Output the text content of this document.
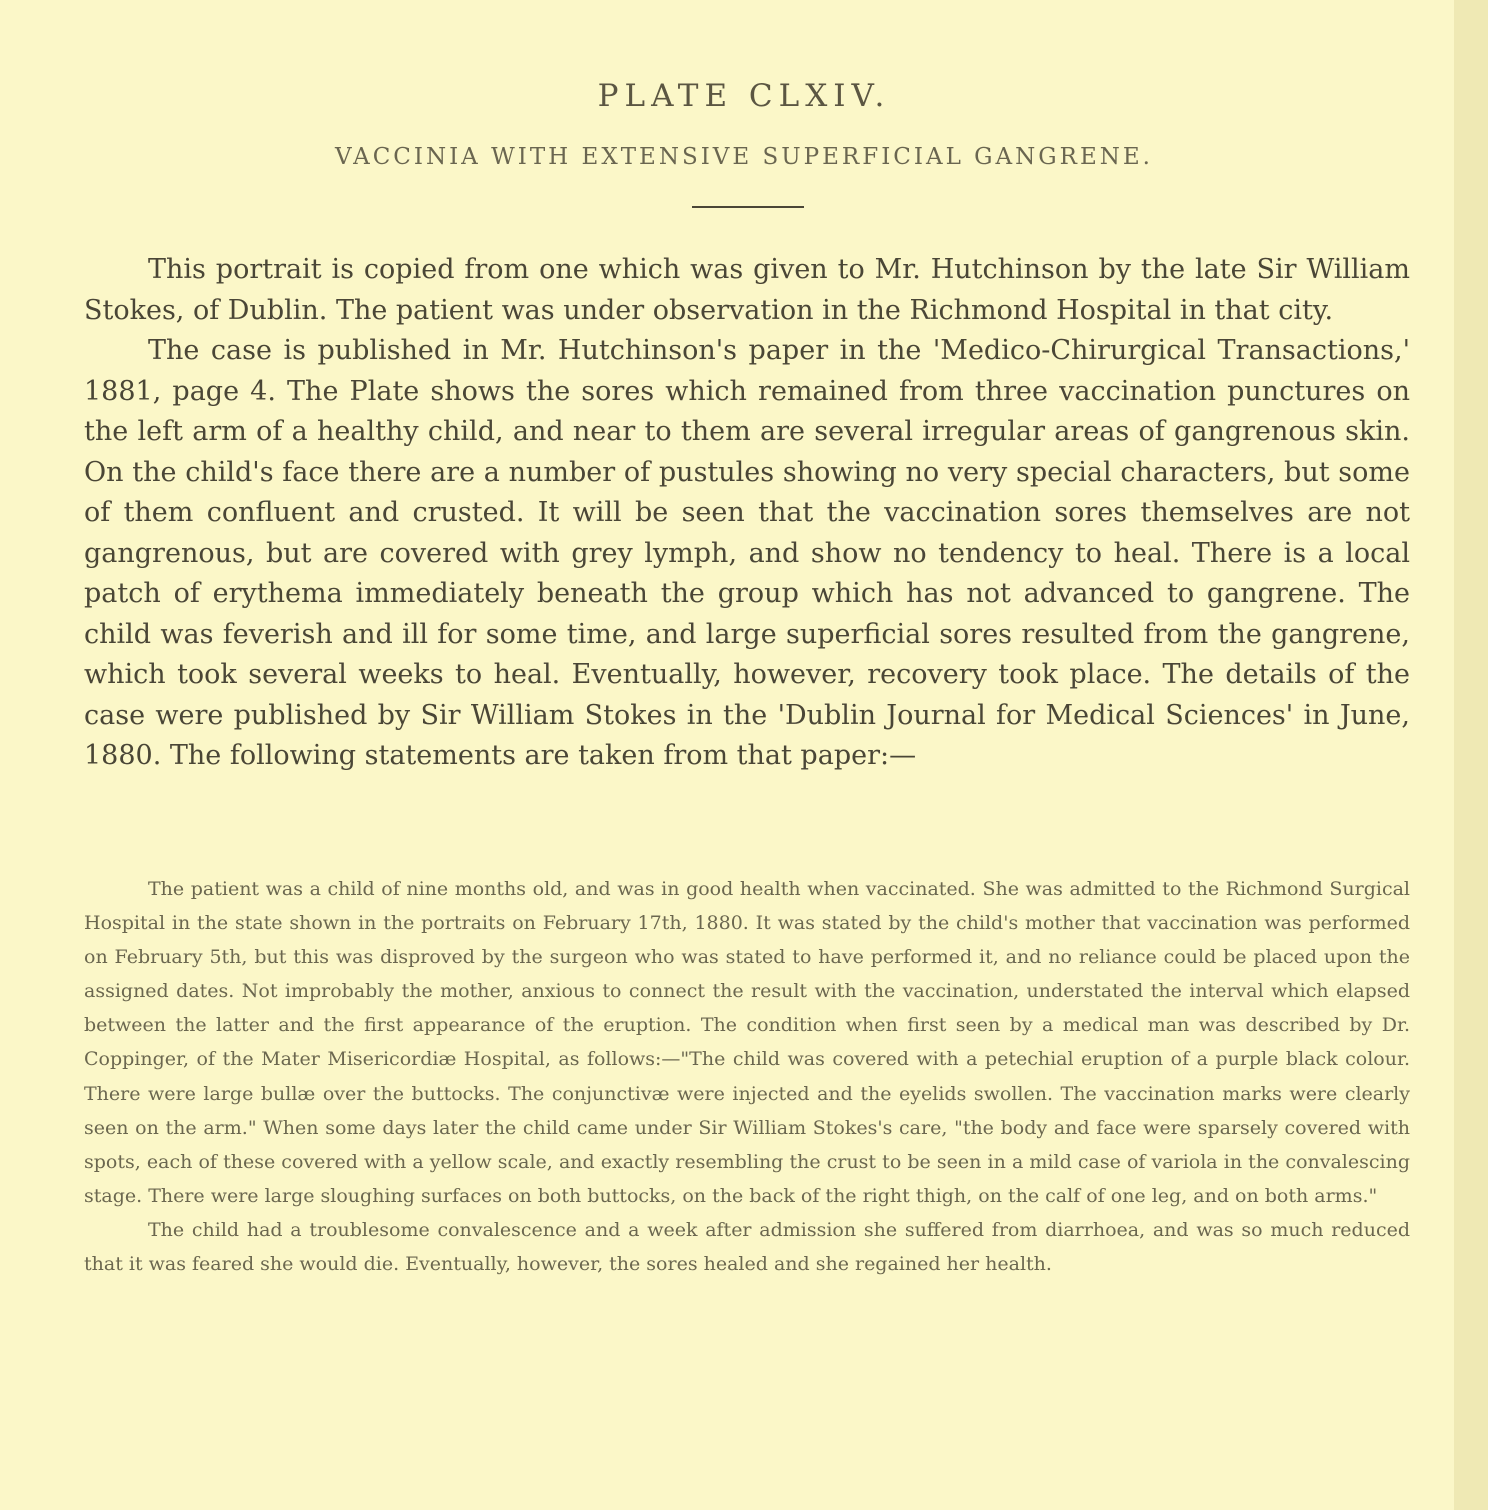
PLATE CLXIV.
VACCINIA WITH EXTENSIVE SUPERFICIAL GANGRENE.

This portrait is copied from one which was given to Mr. Hutchinson by the late Sir William Stokes, of Dublin. The patient was under observation in the Richmond Hospital in that city.

The case is published in Mr. Hutchinson's paper in the 'Medico-Chirurgical Transactions,' 1881, page 4. The Plate shows the sores which remained from three vaccination punctures on the left arm of a healthy child, and near to them are several irregular areas of gangrenous skin. On the child's face there are a number of pustules showing no very special characters, but some of them confluent and crusted. It will be seen that the vaccination sores themselves are not gangrenous, but are covered with grey lymph, and show no tendency to heal. There is a local patch of erythema immediately beneath the group which has not advanced to gangrene. The child was feverish and ill for some time, and large superficial sores resulted from the gangrene, which took several weeks to heal. Eventually, however, recovery took place. The details of the case were published by Sir William Stokes in the 'Dublin Journal for Medical Sciences' in June, 1880. The following statements are taken from that paper:—

The patient was a child of nine months old, and was in good health when vaccinated. She was admitted to the Richmond Surgical Hospital in the state shown in the portraits on February 17th, 1880. It was stated by the child's mother that vaccination was performed on February 5th, but this was disproved by the surgeon who was stated to have performed it, and no reliance could be placed upon the assigned dates. Not improbably the mother, anxious to connect the result with the vaccination, understated the interval which elapsed between the latter and the first appearance of the eruption. The condition when first seen by a medical man was described by Dr. Coppinger, of the Mater Misericordiæ Hospital, as follows:—"The child was covered with a petechial eruption of a purple black colour. There were large bullæ over the buttocks. The conjunctivæ were injected and the eyelids swollen. The vaccination marks were clearly seen on the arm." When some days later the child came under Sir William Stokes's care, "the body and face were sparsely covered with spots, each of these covered with a yellow scale, and exactly resembling the crust to be seen in a mild case of variola in the convalescing stage. There were large sloughing surfaces on both buttocks, on the back of the right thigh, on the calf of one leg, and on both arms."

The child had a troublesome convalescence and a week after admission she suffered from diarrhoea, and was so much reduced that it was feared she would die. Eventually, however, the sores healed and she regained her health.
